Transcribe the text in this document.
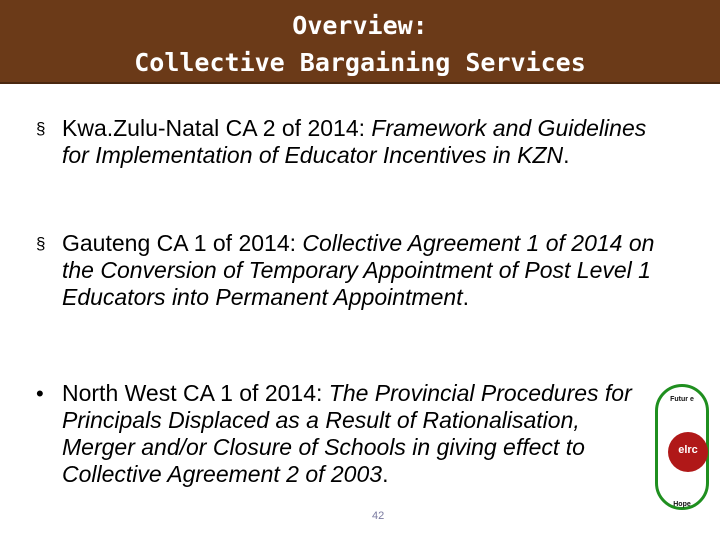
Overview:
Collective Bargaining Services
§ Kwa.Zulu-Natal CA 2 of 2014: Framework and Guidelines for Implementation of Educator Incentives in KZN.
§ Gauteng CA 1 of 2014: Collective Agreement 1 of 2014 on the Conversion of Temporary Appointment of Post Level 1 Educators into Permanent Appointment.
• North West CA 1 of 2014: The Provincial Procedures for Principals Displaced as a Result of Rationalisation, Merger and/or Closure of Schools in giving effect to Collective Agreement 2 of 2003.
42
Futur e
elrc
Hope
